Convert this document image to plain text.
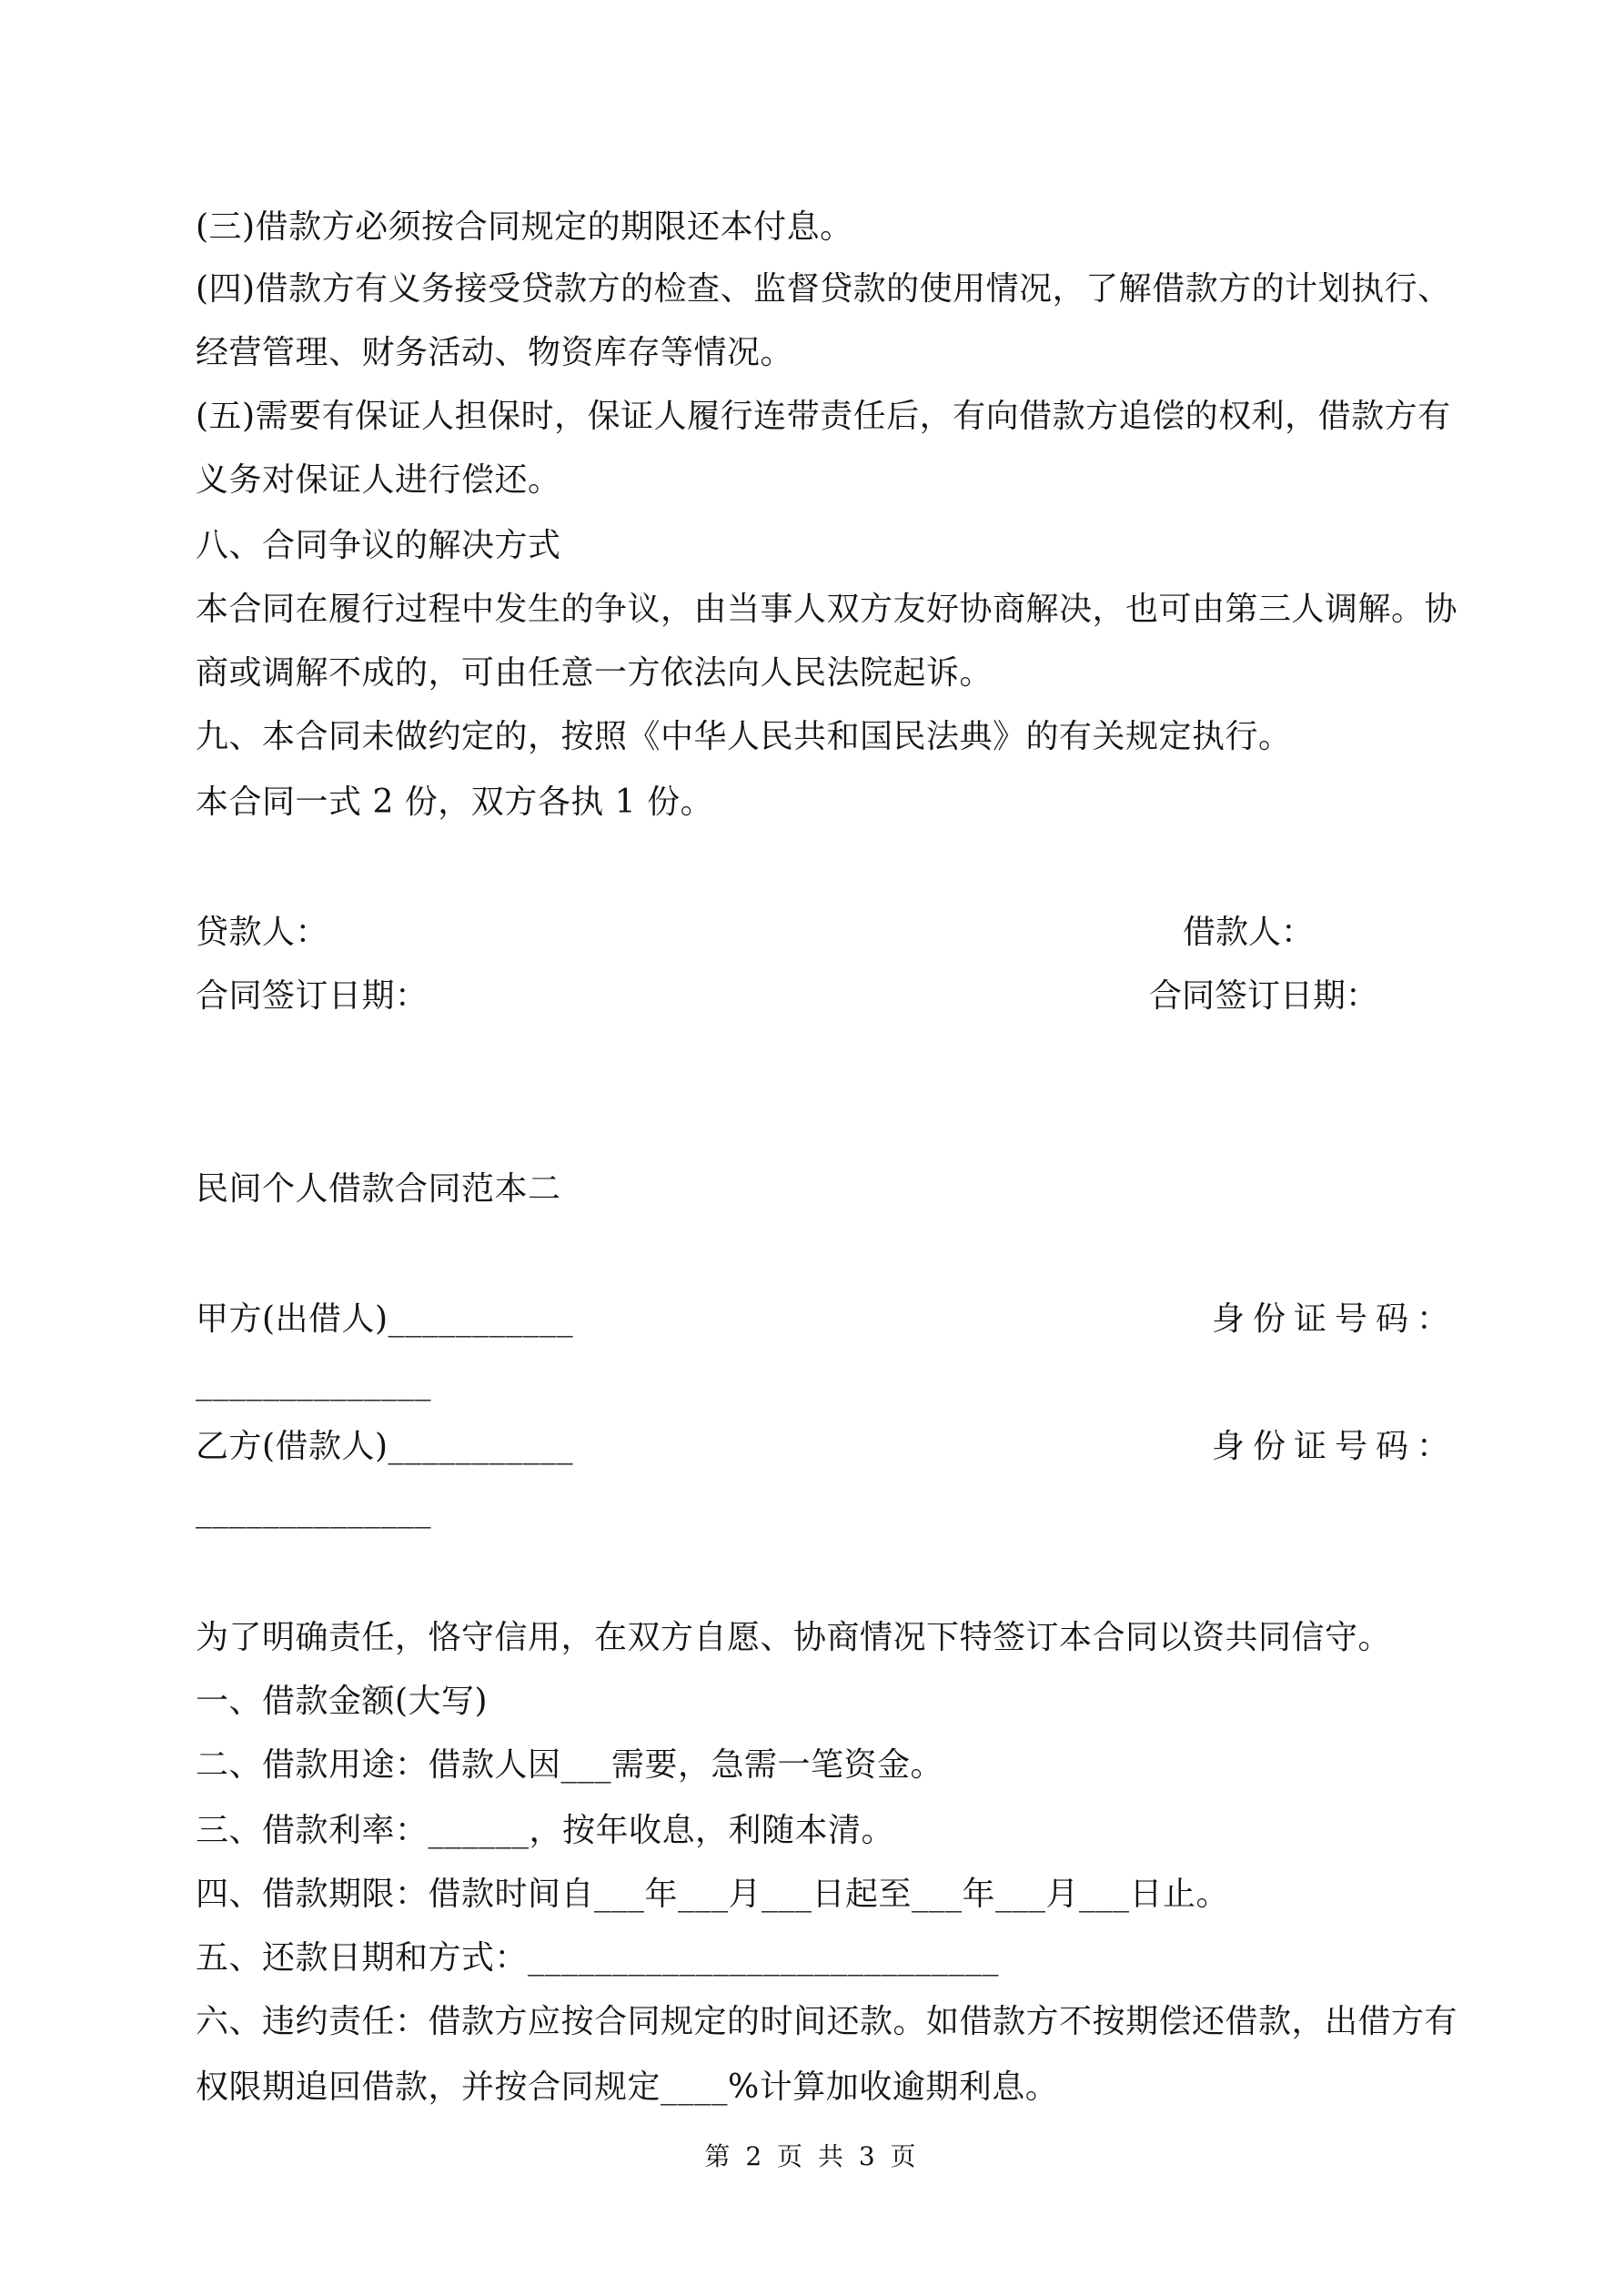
(三)借款方必须按合同规定的期限还本付息。
(四)借款方有义务接受贷款方的检查、监督贷款的使用情况，了解借款方的计划执行、
经营管理、财务活动、物资库存等情况。
(五)需要有保证人担保时，保证人履行连带责任后，有向借款方追偿的权利，借款方有
义务对保证人进行偿还。
八、合同争议的解决方式
本合同在履行过程中发生的争议，由当事人双方友好协商解决，也可由第三人调解。协
商或调解不成的，可由任意一方依法向人民法院起诉。
九、本合同未做约定的，按照《中华人民共和国民法典》的有关规定执行。
本合同一式 2 份，双方各执 1 份。
贷款人：	借款人：
合同签订日期：	合同签订日期：
民间个人借款合同范本二
甲方(出借人)___________	身份证号码：
______________
乙方(借款人)___________	身份证号码：
______________
为了明确责任，恪守信用，在双方自愿、协商情况下特签订本合同以资共同信守。
一、借款金额(大写)
二、借款用途：借款人因___需要，急需一笔资金。
三、借款利率：______，按年收息，利随本清。
四、借款期限：借款时间自___年___月___日起至___年___月___日止。
五、还款日期和方式：____________________________
六、违约责任：借款方应按合同规定的时间还款。如借款方不按期偿还借款，出借方有
权限期追回借款，并按合同规定____%计算加收逾期利息。
第 2 页 共 3 页
